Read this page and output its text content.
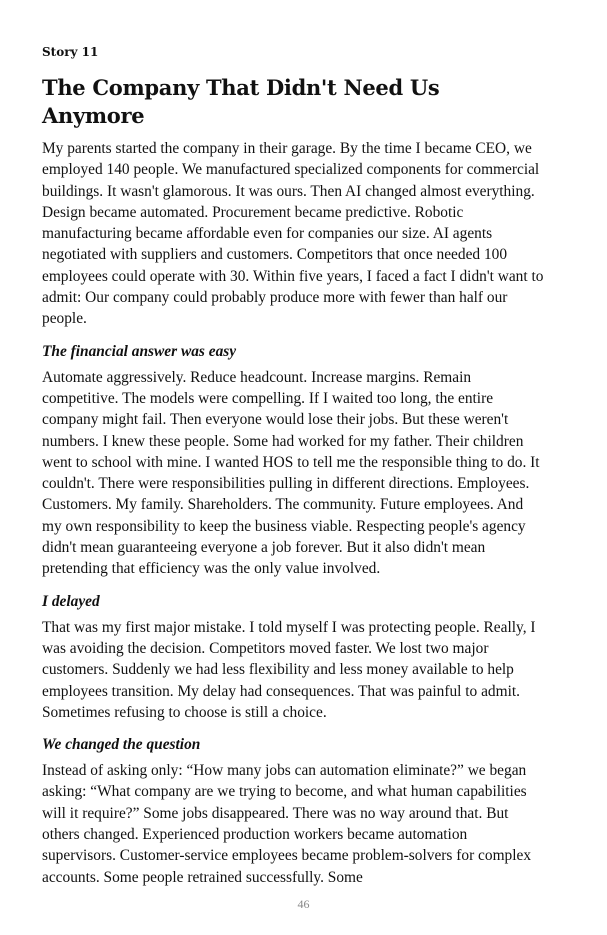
Story 11
The Company That Didn't Need Us Anymore

My parents started the company in their garage. By the time I became CEO, we employed 140 people. We manufactured specialized components for commercial buildings. It wasn't glamorous. It was ours. Then AI changed almost everything. Design became automated. Procurement became predictive. Robotic manufacturing became affordable even for companies our size. AI agents negotiated with suppliers and customers. Competitors that once needed 100 employees could operate with 30. Within five years, I faced a fact I didn't want to admit: Our company could probably produce more with fewer than half our people.

The financial answer was easy

Automate aggressively. Reduce headcount. Increase margins. Remain competitive. The models were compelling. If I waited too long, the entire company might fail. Then everyone would lose their jobs. But these weren't numbers. I knew these people. Some had worked for my father. Their children went to school with mine. I wanted HOS to tell me the responsible thing to do. It couldn't. There were responsibilities pulling in different directions. Employees. Customers. My family. Shareholders. The community. Future employees. And my own responsibility to keep the business viable. Respecting people's agency didn't mean guaranteeing everyone a job forever. But it also didn't mean pretending that efficiency was the only value involved.

I delayed

That was my first major mistake. I told myself I was protecting people. Really, I was avoiding the decision. Competitors moved faster. We lost two major customers. Suddenly we had less flexibility and less money available to help employees transition. My delay had consequences. That was painful to admit. Sometimes refusing to choose is still a choice.

We changed the question

Instead of asking only: “How many jobs can automation eliminate?” we began asking: “What company are we trying to become, and what human capabilities will it require?” Some jobs disappeared. There was no way around that. But others changed. Experienced production workers became automation supervisors. Customer-service employees became problem-solvers for complex accounts. Some people retrained successfully. Some

46
